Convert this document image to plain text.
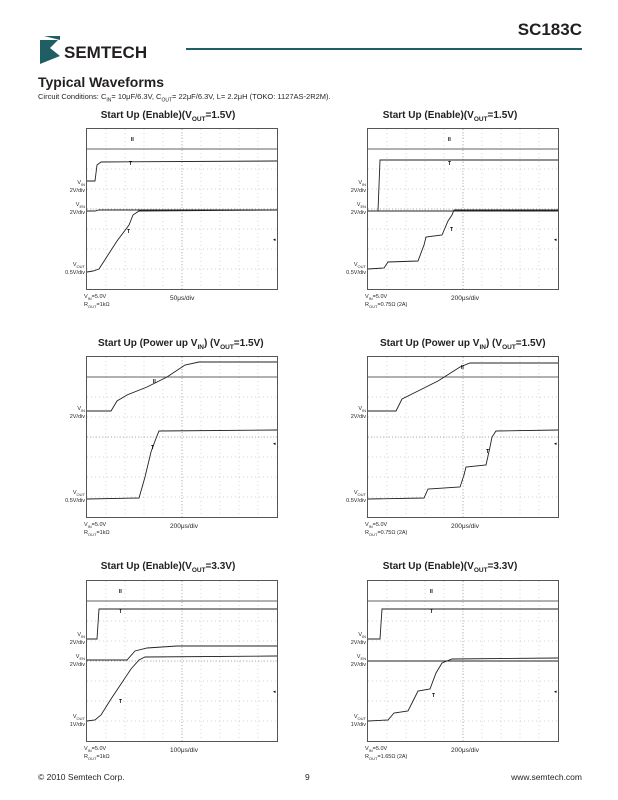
SC183C
SEMTECH
Typical Waveforms
Circuit Conditions: $C_{IN}= 10\mu F/6.3V$, $C_{OUT}= 22\mu F/6.3V$, L= 2.2μH (TOKO: 1127AS-2R2M).
Start Up $(Enable)(V_{OUT}=1.5V)$
II
T
T
◂
$V_{IN}$
2V/div
$V_{EN}$
2V/div
$V_{OUT}$
0.5V/div
$V_{IN}=5.0V$
$R_{OUT}=1k\Omega$
50μs/div
Start Up $(Enable)(V_{OUT}=1.5V)$
II
T
T
◂
$V_{IN}$
2V/div
$V_{EN}$
2V/div
$V_{OUT}$
0.5V/div
$V_{IN}=5.0V$
$R_{OUT}=0.75\Omega$ (2A)
200μs/div
Start Up (Power up $V_{IN}$) $(V_{OUT}=1.5V)$
II
T
◂
$V_{IN}$
2V/div
$V_{OUT}$
0.5V/div
$V_{IN}=5.0V$
$R_{OUT}=1k\Omega$
200μs/div
Start Up (Power up $V_{IN}$) $(V_{OUT}=1.5V)$
II
T
◂
$V_{IN}$
2V/div
$V_{OUT}$
0.5V/div
$V_{IN}=5.0V$
$R_{OUT}=0.75\Omega$ (2A)
200μs/div
Start Up $(Enable)(V_{OUT}=3.3V)$
II
T
T
◂
$V_{IN}$
2V/div
$V_{EN}$
2V/div
$V_{OUT}$
1V/div
$V_{IN}=5.0V$
$R_{OUT}=1k\Omega$
100μs/div
Start Up $(Enable)(V_{OUT}=3.3V)$
II
T
T
◂
$V_{IN}$
2V/div
$V_{EN}$
2V/div
$V_{OUT}$
1V/div
$V_{IN}=5.0V$
$R_{OUT}=1.65\Omega$ (2A)
200μs/div
© 2010 Semtech Corp.	9	www.semtech.com
